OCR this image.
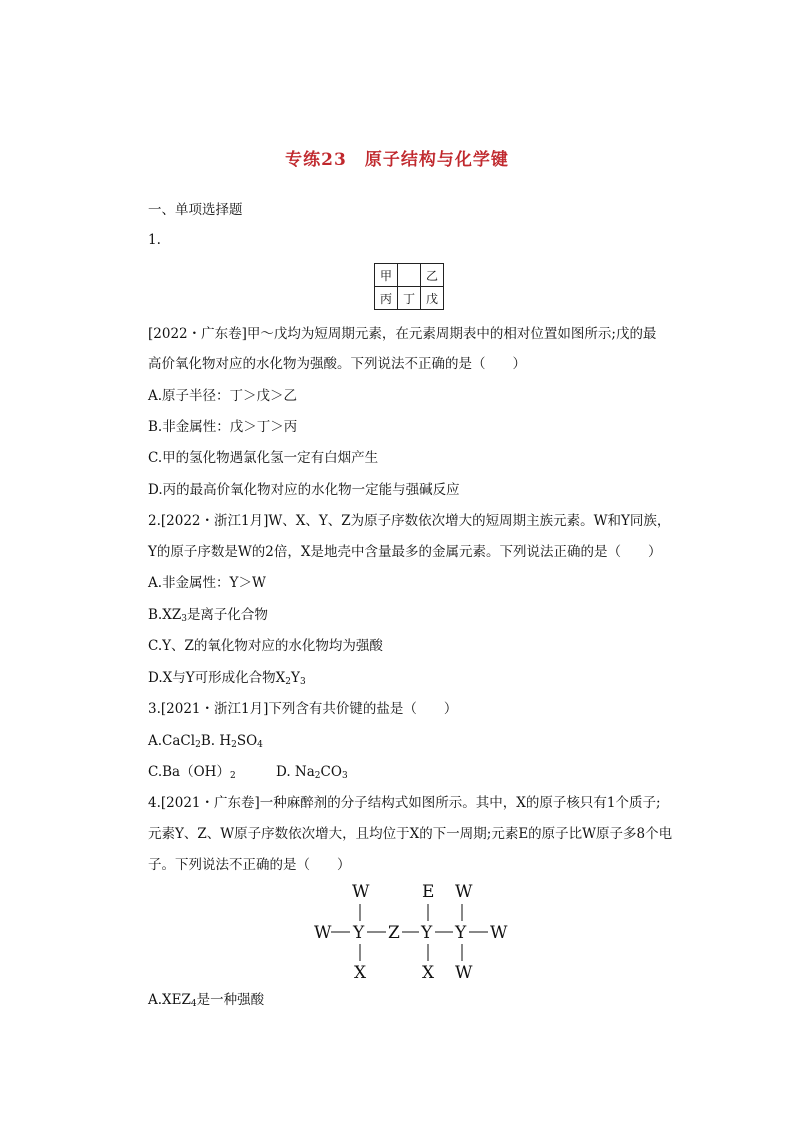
专练23　原子结构与化学键
一、单项选择题
1.
甲		乙
丙	丁	戊
[2022・广东卷]甲～戊均为短周期元素，在元素周期表中的相对位置如图所示;戊的最
高价氧化物对应的水化物为强酸。下列说法不正确的是（　　）
A.原子半径：丁＞戊＞乙
B.非金属性：戊＞丁＞丙
C.甲的氢化物遇氯化氢一定有白烟产生
D.丙的最高价氧化物对应的水化物一定能与强碱反应
2.[2022・浙江1月]W、X、Y、Z为原子序数依次增大的短周期主族元素。W和Y同族，
Y的原子序数是W的2倍，X是地壳中含量最多的金属元素。下列说法正确的是（　　）
A.非金属性：Y＞W
$B.XZ_3$是离子化合物
C.Y、Z的氧化物对应的水化物均为强酸
D.X与Y可形成化合物$X_2Y_3$
3.[2021・浙江1月]下列含有共价键的盐是（　　）
A.CaCl$_2$B. $H_2SO_4$
$C.Ba(OH)_2$	D. $Na_2CO_3$
4.[2021・广东卷]一种麻醉剂的分子结构式如图所示。其中，X的原子核只有1个质子;
元素Y、Z、W原子序数依次增大，且均位于X的下一周期;元素E的原子比W原子多8个电
子。下列说法不正确的是（　　）
W	E W
W Y Z Y Y W
X	X W
$A.XEZ_4$是一种强酸
